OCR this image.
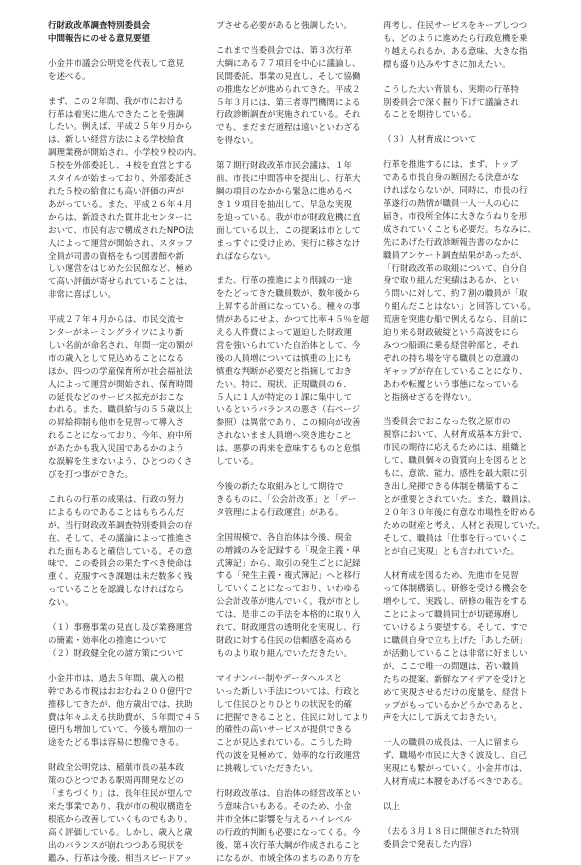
行財政改革調査特別委員会
中間報告にのせる意見要望
小金井市議会公明党を代表して意見
を述べる。
まず、この２年間、我が市における
行革は着実に進んできたことを強調
したい。例えば、平成２５年９月から
は、新しい経営方法による学校給食
調理業務が開始され、小学校９校の内、
５校を外部委託し、４校を直営とする
スタイルが始まっており、外部委託さ
れた５校の給食にも高い評価の声が
あがっている。また、平成２６年４月
からは、新設された貫井北センターに
おいて、市民有志で構成されたNPO法
人によって運営が開始され、スタッフ
全員が司書の資格をもつ図書館や新
しい運営をはじめた公民館など、極め
て高い評価が寄せられていることは、
非常に喜ばしい。
平成２７年４月からは、市民交流セ
ンターがネーミングライツにより新
しい名前が命名され、年間一定の額が
市の歳入として見込めることになる
ほか、四つの学童保育所が社会福祉法
人によって運営が開始され、保育時間
の延長などのサービス拡充がおこな
われる。また、職員給与の５５歳以上
の昇給抑制も他市を見習って導入さ
れることになっており、今年、府中所
があたかも我入災国であるかのよう
な誤解を生まないよう、ひとつのくさ
びを打つ事ができた。
これらの行革の成果は、行政の努力
によるものであることはもちろんだ
が、当行財政改革調査特別委員会の存
在、そして、その議論によって推進さ
れた面もあると確信している。その意
味で、この委員会の果たすべき使命は
重く、克服すべき課題は未だ数多く残
っていることを認識しなければなら
ない。
（１）事務事業の見直し及び業務運営
の簡素・効率化の推進について
（２）財政健全化の諸方策について
小金井市は、過去５年間、歳入の根
幹である市税はおおむね２００億円で
推移してきたが、他方歳出では、扶助
費は年々ふえる扶助費が、５年間で４５
億円も増加していて、今後も増加の一
途をたどる事は容易に想像できる。
財政全公明党は、稲葉市長の基本政
策のひとつである駅周再開発などの
「まちづくり」は、長年住民が望んで
来た事業であり、我が市の税収構造を
根底から改善していくものでもあり、
高く評価している。しかし、歳入と歳
出のバランスが崩れつつある現状を
鑑み、行革は今後、相当スピードアッ
プさせる必要があると強調したい。
これまで当委員会では、第３次行革
大綱にある７７項目を中心に議論し、
民間委託、事業の見直し、そして協働
の推進などが進められてきた。平成２
５年３月には、第三者専門機関による
行政診断調査が実施されている。それ
でも、まだまだ道程は遠いといわざる
を得ない。
第７期行財政改革市民会議は、１年
前、市長に中間答申を提出し、行革大
綱の項目のなかから緊急に進めるべ
き１９項目を抽出して、早急な実現
を迫っている。我が市が財政危機に直
面している以上、この提案は市として
まっすぐに受け止め、実行に移さなけ
ればならない。
また、行革の推進により削減の一途
をたどってきた職員数が、数年後から
上昇する計画になっている。種々の事
情があるにせよ、かつて比率４５％を超
える人件費によって逼迫した財政運
営を強いられていた自治体として、今
後の人員増については慎重の上にも
慎重な判断が必要だと指摘しておき
たい。特に、現状、正規職員の６．
５人に１人が特定の１課に集中して
いるというバランスの悪さ（右ページ
参照）は異常であり、この傾向が改善
されないまま人員増へ突き進むこと
は、悪夢の再来を意味するものと危惧
している。
今後の新たな取組みとして期待で
きるものに、「公会計改革」と「デー
タ管理による行政運営」がある。
全国規模で、各自治体は今後、現金
の増減のみを記録する「現金主義・単
式簿記」から、取引の発生ごとに記録
する「発生主義・複式簿記」へと移行
していくことになっており、いわゆる
公会計改革が進んでいく。我が市とし
ては、是非この手法を本格的に取り入
れて、財政運営の透明化を実現し、行
財政に対する住民の信頼感を高める
ものより取り組んでいただきたい。
マイナンバー制やデータヘルスと
いった新しい手法については、行政と
して住民ひとりひとりの状況を的確
に把握できることと、住民に対してより
的確性の高いサービスが提供できる
ことが見込まれている。こうした時
代の波を見極めて、効率的な行政運営
に挑戦していただきたい。
行財政改革は、自治体の経営改革とい
う意味合いもある。そのため、小金
井市全体に影響を与えるハイレベル
の行政的判断も必要になってくる。今
後、第４次行革大綱が作成されること
になるが、市域全体のまちのあり方を
再考し、住民サービスをキープしつつ
も、どのように進めたら行政危機を乗
り越えられるか、ある意味、大きな指
標も盛り込みやすさに加えたい。
こうした大い背景も、実期の行革特
別委員会で深く掘り下げて議論され
ることを期待している。
（３）人材育成について
行革を推進するには、まず、トップ
である市長自身の断固たる決意がな
ければならないが、同時に、市長の行
革遂行の熱情が職員一人一人の心に
届き、市役所全体に大きなうねりを形
成されていくことも必要だ。ちなみに、
先にあげた行政診断報告書のなかに
職員アンケート調査結果があったが、
「行財政改革の取組について、自分自
身で取り組んだ実績はあるか、とい
う問いに対して、約７割の職員が「取
り組んだことはない」と回答している。
荒唐を突進む船で例えるなら、目前に
迫り来る財政破綻という高波をにら
みつつ船頭に乗る経営幹部と、それ
ぞれの持ち場を守る職員との意識の
ギャップが存在していることになり、
あわや転覆という事態になっている
と指摘せざるを得ない。
当委員会でおこなった牧之原市の
視察において、人材育成基本方針で、
市民の期待に応えるためには、組織と
して、職員個々の資質向上を図るとと
もに、意欲、能力、感性を最大限に引
き出し発揮できる体制を構築するこ
とが重要とされていた。また、職員は、
２０年３０年後に有意な市場性を貯める
ための財産と考え、人材と表現していた。
そして、職員は「仕事を行っていくこ
とが自己実現」とも言われていた。
人材育成を図るため、先進市を見習
って体制構築し、研修を受ける機会を
増やして、実践し、研修の報告をする
ことによって職員同士が切磋琢磨し
ていけるよう要望する。そして、すで
に職員自身で立ち上げた「あした研」
が活動していることは非常に好ましい
が、ここで唯一の問題は、若い職員
たちの提案、新鮮なアイデアを受けと
めて実現させるだけの度量を、経営ト
ップがもっているかどうかであると、
声を大にして訴えておきたい。
一人の職員の成長は、一人に留まら
ず、職場や市民に大きく波及し、自己
実現にも繋がっていく。小金井市は、
人材育成に本腰をあげるべきである。
以上
（去る３月１８日に開催された特別
委員会で発表した内容）
